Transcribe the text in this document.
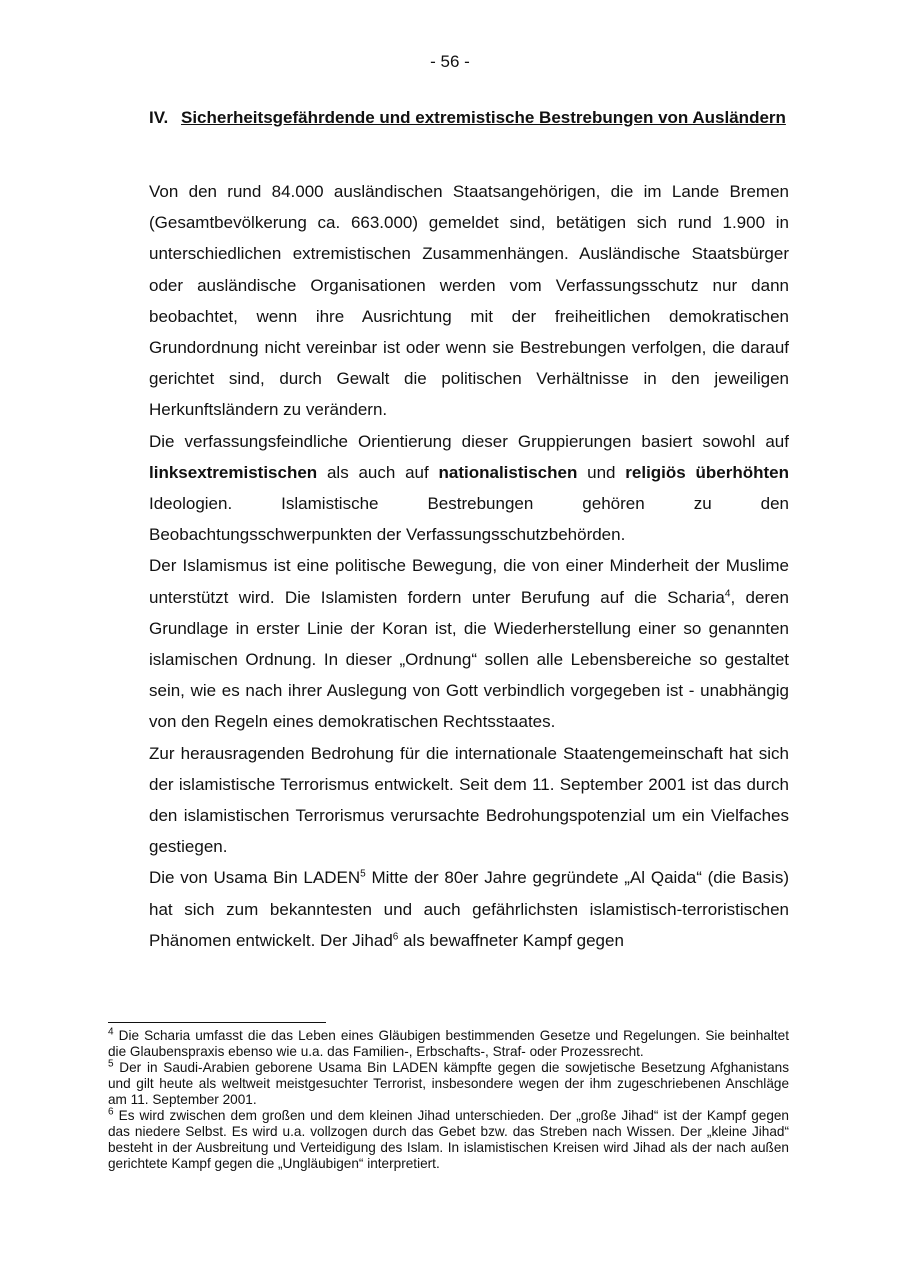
- 56 -
IV. Sicherheitsgefährdende und extremistische Bestrebungen von Ausländern

Von den rund 84.000 ausländischen Staatsangehörigen, die im Lande Bremen (Gesamtbevölkerung ca. 663.000) gemeldet sind, betätigen sich rund 1.900 in unterschiedlichen extremistischen Zusammenhängen. Ausländische Staatsbürger oder ausländische Organisationen werden vom Verfassungsschutz nur dann beobachtet, wenn ihre Ausrichtung mit der freiheitlichen demokratischen Grundordnung nicht vereinbar ist oder wenn sie Bestrebungen verfolgen, die darauf gerichtet sind, durch Gewalt die politischen Verhältnisse in den jeweiligen Herkunftsländern zu verändern.

Die verfassungsfeindliche Orientierung dieser Gruppierungen basiert sowohl auf linksextremistischen als auch auf nationalistischen und religiös überhöhten Ideologien. Islamistische Bestrebungen gehören zu den Beobachtungsschwerpunkten der Verfassungsschutzbehörden.

Der Islamismus ist eine politische Bewegung, die von einer Minderheit der Muslime unterstützt wird. Die Islamisten fordern unter Berufung auf die Scharia$^4$, deren Grundlage in erster Linie der Koran ist, die Wiederherstellung einer so genannten islamischen Ordnung. In dieser „Ordnung“ sollen alle Lebensbereiche so gestaltet sein, wie es nach ihrer Auslegung von Gott verbindlich vorgegeben ist - unabhängig von den Regeln eines demokratischen Rechtsstaates.

Zur herausragenden Bedrohung für die internationale Staatengemeinschaft hat sich der islamistische Terrorismus entwickelt. Seit dem 11. September 2001 ist das durch den islamistischen Terrorismus verursachte Bedrohungspotenzial um ein Vielfaches gestiegen.

Die von Usama Bin LADEN$^5$ Mitte der 80er Jahre gegründete „Al Qaida“ (die Basis) hat sich zum bekanntesten und auch gefährlichsten islamistisch-terroristischen Phänomen entwickelt. Der Jihad$^6$ als bewaffneter Kampf gegen

$^4$ Die Scharia umfasst die das Leben eines Gläubigen bestimmenden Gesetze und Regelungen. Sie beinhaltet die Glaubenspraxis ebenso wie u.a. das Familien-, Erbschafts-, Straf- oder Prozessrecht.

$^5$ Der in Saudi-Arabien geborene Usama Bin LADEN kämpfte gegen die sowjetische Besetzung Afghanistans und gilt heute als weltweit meistgesuchter Terrorist, insbesondere wegen der ihm zugeschriebenen Anschläge am 11. September 2001.

$^6$ Es wird zwischen dem großen und dem kleinen Jihad unterschieden. Der „große Jihad“ ist der Kampf gegen das niedere Selbst. Es wird u.a. vollzogen durch das Gebet bzw. das Streben nach Wissen. Der „kleine Jihad“ besteht in der Ausbreitung und Verteidigung des Islam. In islamistischen Kreisen wird Jihad als der nach außen gerichtete Kampf gegen die „Ungläubigen“ interpretiert.
